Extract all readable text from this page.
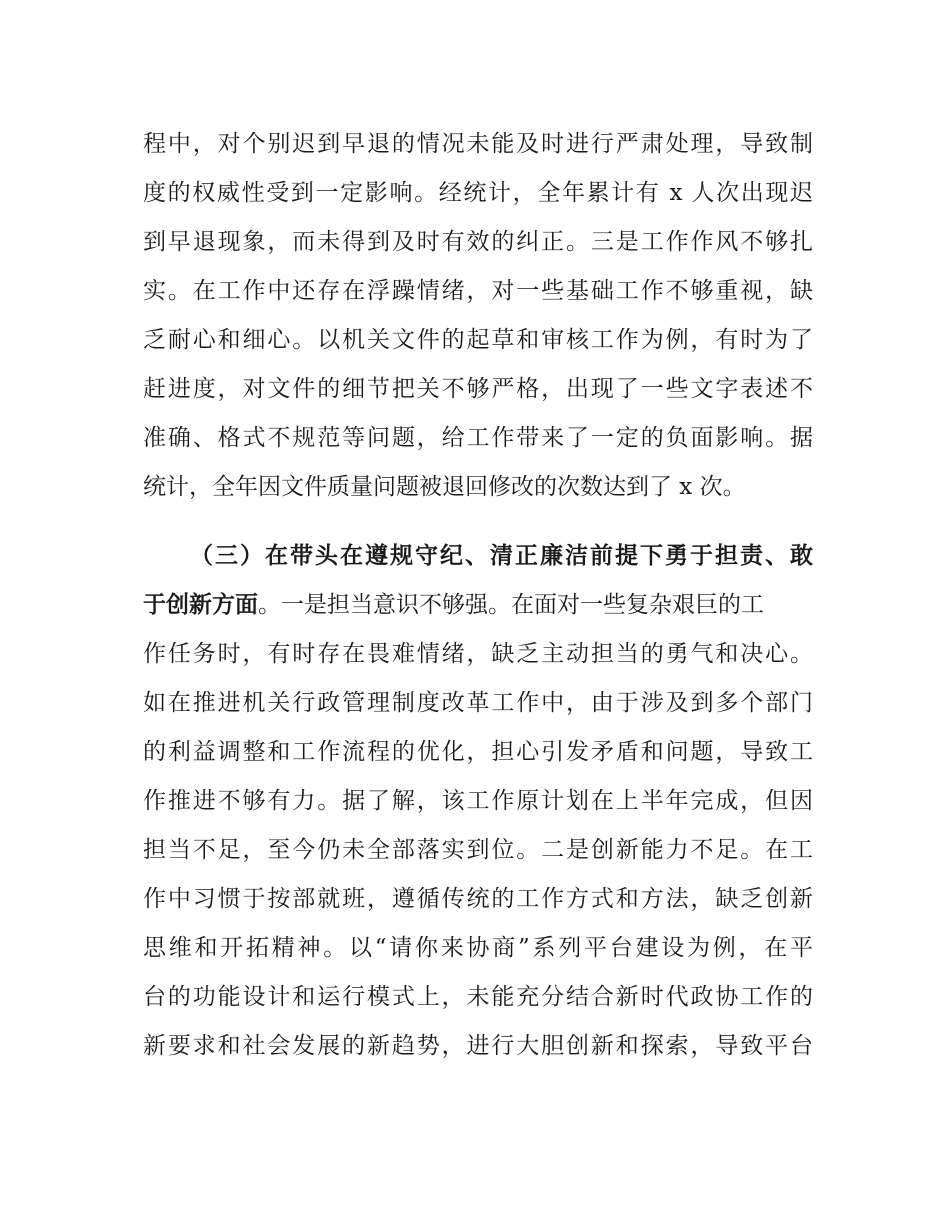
程中，对个别迟到早退的情况未能及时进行严肃处理，导致制
度的权威性受到一定影响。经统计，全年累计有 x 人次出现迟
到早退现象，而未得到及时有效的纠正。三是工作作风不够扎
实。在工作中还存在浮躁情绪，对一些基础工作不够重视，缺
乏耐心和细心。以机关文件的起草和审核工作为例，有时为了
赶进度，对文件的细节把关不够严格，出现了一些文字表述不
准确、格式不规范等问题，给工作带来了一定的负面影响。据
统计，全年因文件质量问题被退回修改的次数达到了 x 次。
（三）在带头在遵规守纪、清正廉洁前提下勇于担责、敢
于创新方面。一是担当意识不够强。在面对一些复杂艰巨的工
作任务时，有时存在畏难情绪，缺乏主动担当的勇气和决心。
如在推进机关行政管理制度改革工作中，由于涉及到多个部门
的利益调整和工作流程的优化，担心引发矛盾和问题，导致工
作推进不够有力。据了解，该工作原计划在上半年完成，但因
担当不足，至今仍未全部落实到位。二是创新能力不足。在工
作中习惯于按部就班，遵循传统的工作方式和方法，缺乏创新
思维和开拓精神。以“请你来协商”系列平台建设为例，在平
台的功能设计和运行模式上，未能充分结合新时代政协工作的
新要求和社会发展的新趋势，进行大胆创新和探索，导致平台
